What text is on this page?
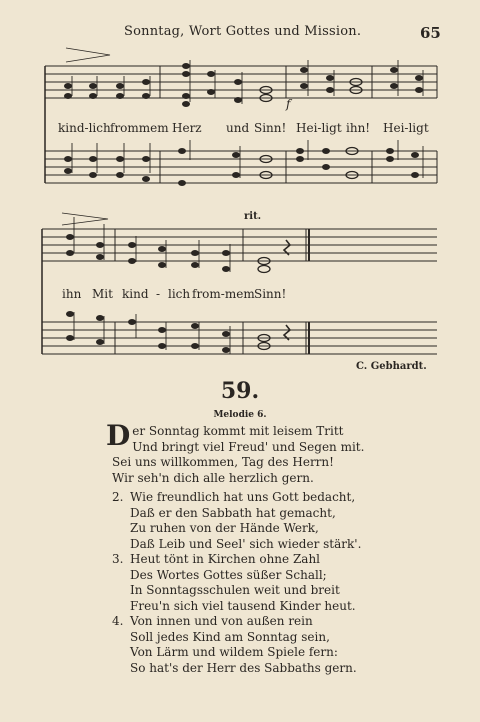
Sonntag, Wort Gottes und Mission.	65
f
kind-lich frommem Herz und Sinn! Hei-ligt ihn! Hei-ligt
rit.
ihn Mit kind - lich from-mem Sinn!
C. Gebhardt.
59.
Melodie 6.
D er Sonntag kommt mit leisem Tritt
Und bringt viel Freud' und Segen mit.
Sei uns willkommen, Tag des Herrn!
Wir seh'n dich alle herzlich gern.
2. Wie freundlich hat uns Gott bedacht,
Daß er den Sabbath hat gemacht,
Zu ruhen von der Hände Werk,
Daß Leib und Seel' sich wieder stärk'.
3. Heut tönt in Kirchen ohne Zahl
Des Wortes Gottes süßer Schall;
In Sonntagsschulen weit und breit
Freu'n sich viel tausend Kinder heut.
4. Von innen und von außen rein
Soll jedes Kind am Sonntag sein,
Von Lärm und wildem Spiele fern:
So hat's der Herr des Sabbaths gern.
